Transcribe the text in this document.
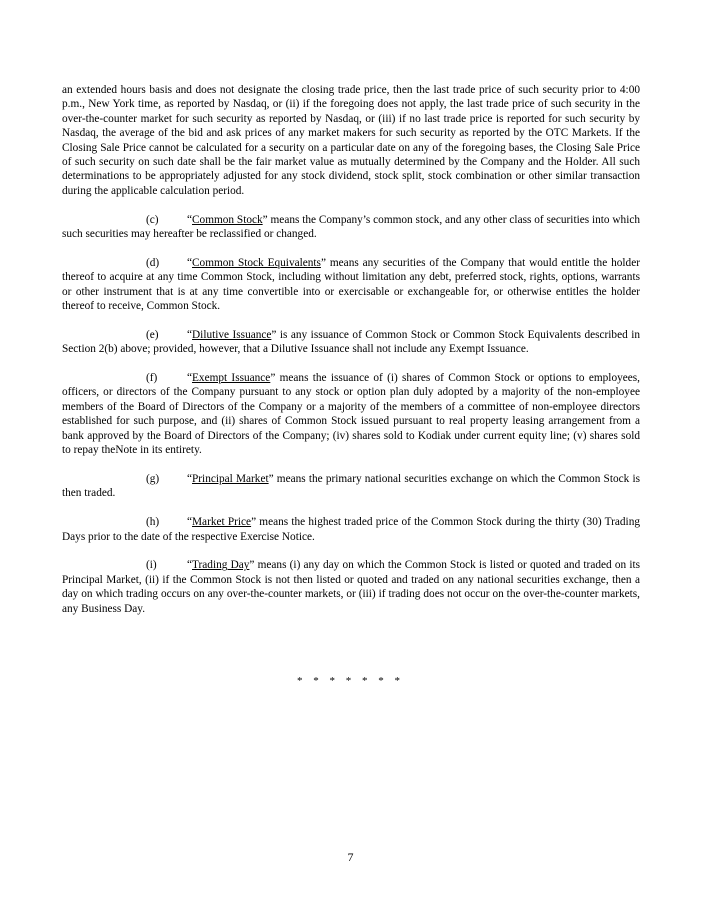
an extended hours basis and does not designate the closing trade price, then the last trade price of such security prior to 4:00 p.m., New York time, as reported by Nasdaq, or (ii) if the foregoing does not apply, the last trade price of such security in the over-the-counter market for such security as reported by Nasdaq, or (iii) if no last trade price is reported for such security by Nasdaq, the average of the bid and ask prices of any market makers for such security as reported by the OTC Markets. If the Closing Sale Price cannot be calculated for a security on a particular date on any of the foregoing bases, the Closing Sale Price of such security on such date shall be the fair market value as mutually determined by the Company and the Holder. All such determinations to be appropriately adjusted for any stock dividend, stock split, stock combination or other similar transaction during the applicable calculation period.

(c)	“Common Stock” means the Company’s common stock, and any other class of securities into which such securities may hereafter be reclassified or changed.

(d) “Common Stock Equivalents” means any securities of the Company that would entitle the holder thereof to acquire at any time Common Stock, including without limitation any debt, preferred stock, rights, options, warrants or other instrument that is at any time convertible into or exercisable or exchangeable for, or otherwise entitles the holder thereof to receive, Common Stock.

(e)	“Dilutive Issuance” is any issuance of Common Stock or Common Stock Equivalents described in Section 2(b) above; provided, however, that a Dilutive Issuance shall not include any Exempt Issuance.

(f)	“Exempt Issuance” means the issuance of (i) shares of Common Stock or options to employees, officers, or directors of the Company pursuant to any stock or option plan duly adopted by a majority of the non-employee members of the Board of Directors of the Company or a majority of the members of a committee of non-employee directors established for such purpose, and (ii) shares of Common Stock issued pursuant to real property leasing arrangement from a bank approved by the Board of Directors of the Company; (iv) shares sold to Kodiak under current equity line; (v) shares sold to repay theNote in its entirety.

(g) “Principal Market” means the primary national securities exchange on which the Common Stock is then traded.

(h) “Market Price” means the highest traded price of the Common Stock during the thirty (30) Trading Days prior to the date of the respective Exercise Notice.

(i)	“Trading Day” means (i) any day on which the Common Stock is listed or quoted and traded on its Principal Market, (ii) if the Common Stock is not then listed or quoted and traded on any national securities exchange, then a day on which trading occurs on any over-the-counter markets, or (iii) if trading does not occur on the over-the-counter markets, any Business Day.

* * * * * * *
7
